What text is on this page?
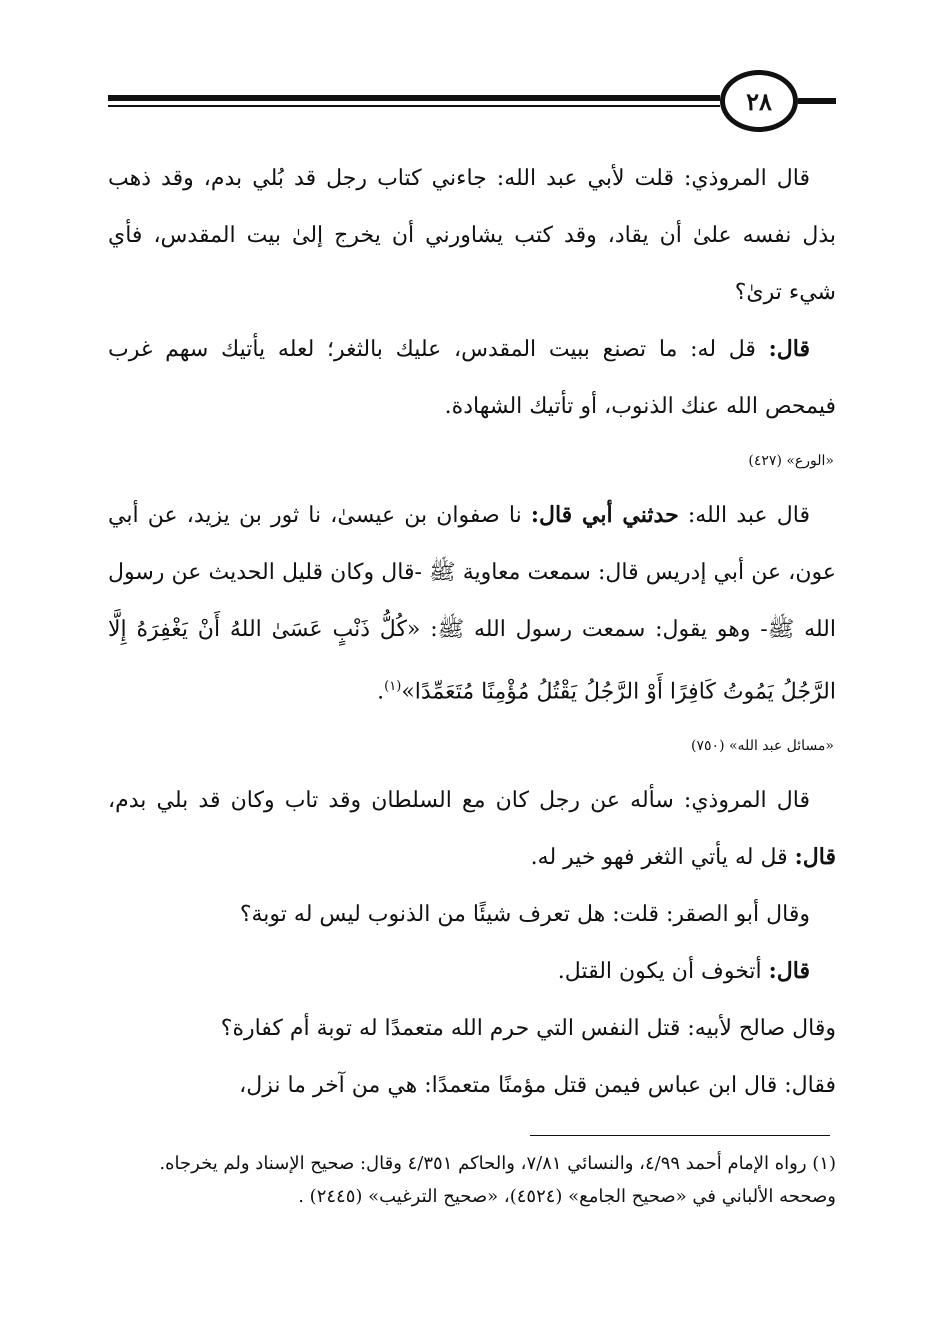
٢٨

قال المروذي: قلت لأبي عبد الله: جاءني كتاب رجل قد بُلي بدم، وقد ذهب بذل نفسه علىٰ أن يقاد، وقد كتب يشاورني أن يخرج إلىٰ بيت المقدس، فأي شيء ترىٰ؟

قال: قل له: ما تصنع ببيت المقدس، عليك بالثغر؛ لعله يأتيك سهم غرب فيمحص الله عنك الذنوب، أو تأتيك الشهادة.

«الورع» (٤٢٧)

قال عبد الله: حدثني أبي قال: نا صفوان بن عيسىٰ، نا ثور بن يزيد، عن أبي عون، عن أبي إدريس قال: سمعت معاوية ﷺ -قال وكان قليل الحديث عن رسول الله ﷺ- وهو يقول: سمعت رسول الله ﷺ: «كُلُّ ذَنْبٍ عَسَىٰ اللهُ أَنْ يَغْفِرَهُ إِلَّا الرَّجُلُ يَمُوتُ كَافِرًا أَوْ الرَّجُلُ يَقْتُلُ مُؤْمِنًا مُتَعَمِّدًا»$^{(١)}$.

«مسائل عبد الله» (٧٥٠)

قال المروذي: سأله عن رجل كان مع السلطان وقد تاب وكان قد بلي بدم، قال: قل له يأتي الثغر فهو خير له.

وقال أبو الصقر: قلت: هل تعرف شيئًا من الذنوب ليس له توبة؟

قال: أتخوف أن يكون القتل.

وقال صالح لأبيه: قتل النفس التي حرم الله متعمدًا له توبة أم كفارة؟

فقال: قال ابن عباس فيمن قتل مؤمنًا متعمدًا: هي من آخر ما نزل،

(١) رواه الإمام أحمد ٤/٩٩، والنسائي ٧/٨١، والحاكم ٤/٣٥١ وقال: صحيح الإسناد ولم يخرجاه.

وصححه الألباني في «صحيح الجامع» (٤٥٢٤)، «صحيح الترغيب» (٢٤٤٥) .
